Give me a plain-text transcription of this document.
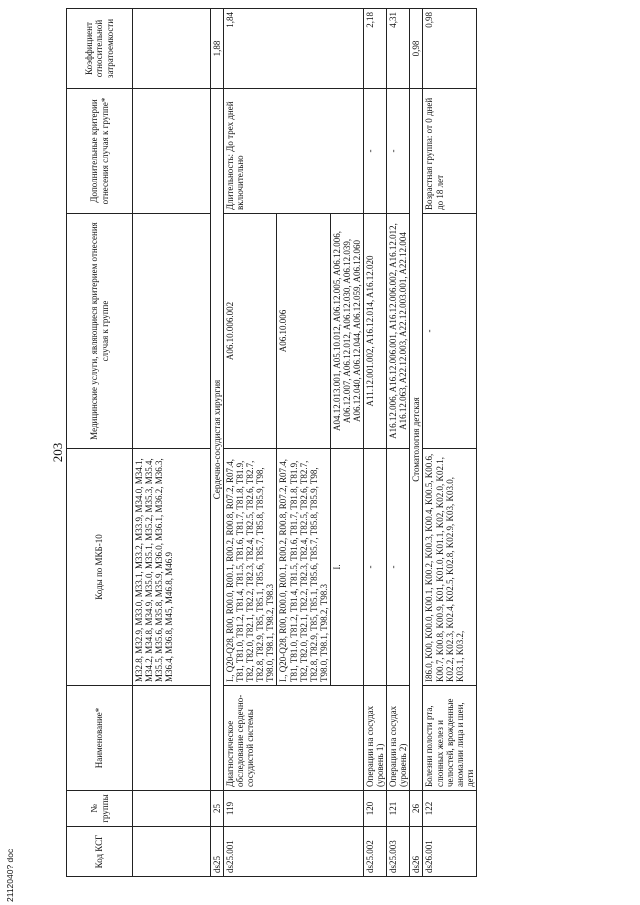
203
Код КСГ	№ группы	Наименование*	Коды по МКБ-10	Медицинские услуги, являющиеся критерием отнесения случая к группе	Дополнительные критерии отнесения случая к группе*	Коэффициент относительной затратоемкости
			M32.8, M32.9, M33.0, M33.1, M33.2, M33.9, M34.0, M34.1, M34.2, M34.8, M34.9, M35.0, M35.1, M35.2, M35.3, M35.4, M35.5, M35.6, M35.8, M35.9, M36.0, M36.1, M36.2, M36.3, M36.4, M36.8, M45, M46.8, M46.9			
ds25	25	Сердечно-сосудистая хирургия				1,88
ds25.001	119	Диагностическое обследование сердечно-сосудистой системы	I., Q20-Q28, R00, R00.0, R00.1, R00.2, R00.8, R07.2, R07.4, T81, T81.0, T81.2, T81.4, T81.5, T81.6, T81.7, T81.8, T81.9, T82, T82.0, T82.1, T82.2, T82.3, T82.4, T82.5, T82.6, T82.7, T82.8, T82.9, T85, T85.1, T85.6, T85.7, T85.8, T85.9, T98, T98.0, T98.1, T98.2, T98.3	A06.10.006.002	Длительность: До трех дней включительно	1,84
			I., Q20-Q28, R00, R00.0, R00.1, R00.2, R00.8, R07.2, R07.4, T81, T81.0, T81.2, T81.4, T81.5, T81.6, T81.7, T81.8, T81.9, T82, T82.0, T82.1, T82.2, T82.3, T82.4, T82.5, T82.6, T82.7, T82.8, T82.9, T85, T85.1, T85.6, T85.7, T85.8, T85.9, T98, T98.0, T98.1, T98.2, T98.3	A06.10.006		
			I.	A04.12.013.001, A05.10.012, A06.12.005, A06.12.006, A06.12.007, A06.12.012, A06.12.030, A06.12.039, A06.12.040, A06.12.044, A06.12.059, A06.12.060		
ds25.002	120	Операции на сосудах (уровень 1)	-	A11.12.001.002, A16.12.014, A16.12.020	-	2,18
ds25.003	121	Операции на сосудах (уровень 2)	-	A16.12.006, A16.12.006.001, A16.12.006.002, A16.12.012, A16.12.063, A22.12.003, A22.12.003.001, A22.12.004	-	4,31
ds26	26	Стоматология детская				0,98
ds26.001	122	Болезни полости рта, слюнных желез и челюстей, врожденные аномалии лица и шеи, дети	I86.0, K00, K00.0, K00.1, K00.2, K00.3, K00.4, K00.5, K00.6, K00.7, K00.8, K00.9, K01, K01.0, K01.1, K02, K02.0, K02.1, K02.2, K02.3, K02.4, K02.5, K02.8, K02.9, K03, K03.0, K03.1, K03.2,	-	Возрастная группа: от 0 дней до 18 лет	0,98
2112040? doc
